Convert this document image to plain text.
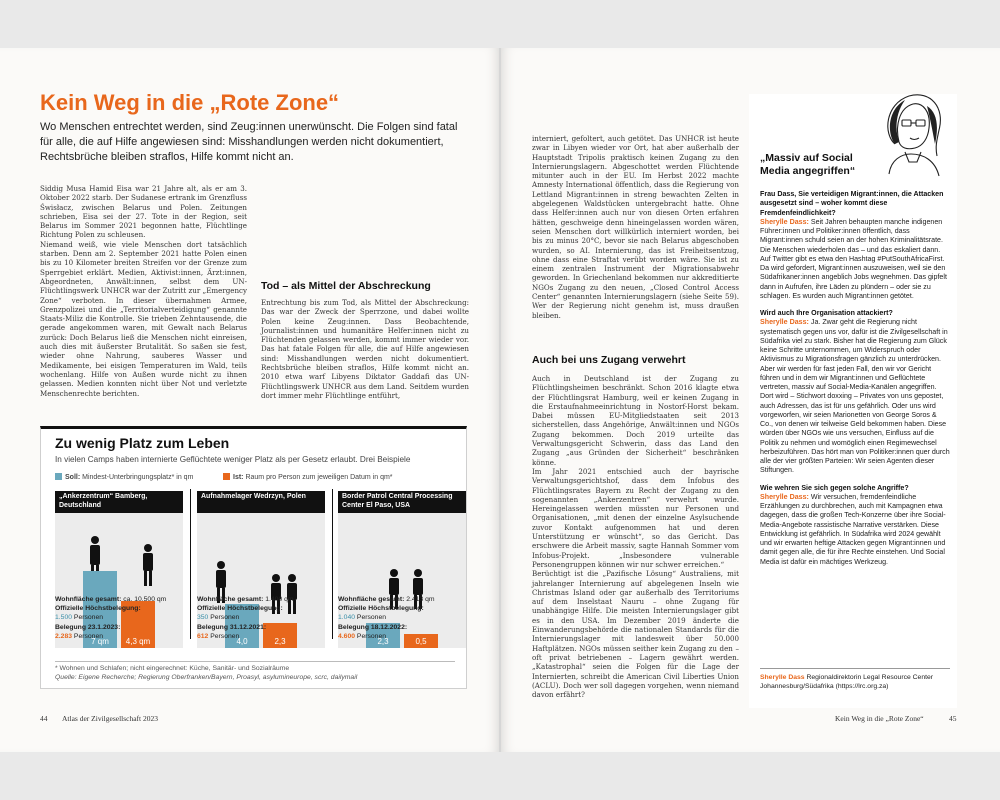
Kein Weg in die „Rote Zone“
Wo Menschen entrechtet werden, sind Zeug:innen unerwünscht. Die Folgen sind fatal für alle, die auf Hilfe angewiesen sind: Misshandlungen werden nicht dokumentiert, Rechtsbrüche bleiben straflos, Hilfe kommt nicht an.

Siddig Musa Hamid Eisa war 21 Jahre alt, als er am 3. Oktober 2022 starb. Der Sudanese ertrank im Grenzfluss Świsłacz, zwischen Belarus und Polen. Zeitungen schrieben, Eisa sei der 27. Tote in der Region, seit Belarus im Sommer 2021 begonnen hatte, Flüchtlinge Richtung Polen zu schleusen.

Niemand weiß, wie viele Menschen dort tatsächlich starben. Denn am 2. September 2021 hatte Polen einen bis zu 10 Kilometer breiten Streifen vor der Grenze zum Sperrgebiet erklärt. Medien, Aktivist:innen, Ärzt:innen, Abgeordneten, Anwält:innen, selbst dem UN-Flüchtlingswerk UNHCR war der Zutritt zur „Emergency Zone“ verboten. In dieser übernahmen Armee, Grenzpolizei und die „Territorialverteidigung“ genannte Staats-Miliz die Kontrolle. Sie trieben Zehntausende, die gerade angekommen waren, mit Gewalt nach Belarus zurück: Doch Belarus ließ die Menschen nicht einreisen, auch dies mit äußerster Brutalität. So saßen sie fest, wieder ohne Nahrung, sauberes Wasser und Medikamente, bei eisigen Temperaturen im Wald, teils wochenlang. Hilfe von Außen wurde nicht zu ihnen gelassen. Medien konnten nicht über Not und verletzte Menschenrechte berichten.

Tod – als Mittel der Abschreckung
Entrechtung bis zum Tod, als Mittel der Abschreckung: Das war der Zweck der Sperrzone, und dabei wollte Polen keine Zeug:innen. Dass Beobachtende, Journalist:innen und humanitäre Helfer:innen nicht zu Flüchtenden gelassen werden, kommt immer wieder vor. Das hat fatale Folgen für alle, die auf Hilfe angewiesen sind: Misshandlungen werden nicht dokumentiert. Rechtsbrüche bleiben straflos, Hilfe kommt nicht an. 2010 etwa warf Libyens Diktator Gaddafi das UN-Flüchtlingswerk UNHCR aus dem Land. Seitdem wurden dort immer mehr Flüchtlinge entführt,
Zu wenig Platz zum Leben
In vielen Camps haben internierte Geflüchtete weniger Platz als per Gesetz erlaubt. Drei Beispiele
Soll: Mindest-Unterbringungsplatz* in qm	Ist: Raum pro Person zum jeweiligen Datum in qm*
„Ankerzentrum“ Bamberg, Deutschland
7 qm	4,3 qm
Wohnfläche gesamt: ca. 10.500 qm
Offizielle Höchstbelegung:
1.500 Personen
Belegung 23.1.2023:
2.283 Personen
Aufnahmelager Wedrzyn, Polen
4,0	2,3
Wohnfläche gesamt: 1.400 qm
Offizielle Höchstbelegung:
350 Personen
Belegung 31.12.2021:
612 Personen
Border Patrol Central Processing Center El Paso, USA
2,3	0,5
Wohnfläche gesamt: 2.413 qm
Offizielle Höchstbelegung:
1.040 Personen
Belegung 18.12.2022:
4.600 Personen
* Wohnen und Schlafen; nicht eingerechnet: Küche, Sanitär- und Sozialräume
Quelle: Eigene Recherche; Regierung Oberfranken/Bayern, Proasyl, asylumineurope, scrc, dailymail
44 Atlas der Zivilgesellschaft 2023
interniert, gefoltert, auch getötet. Das UNHCR ist heute zwar in Libyen wieder vor Ort, hat aber außerhalb der Hauptstadt Tripolis praktisch keinen Zugang zu den Internierungslagern. Abgeschottet werden Flüchtende mitunter auch in der EU. Im Herbst 2022 machte Amnesty International öffentlich, dass die Regierung von Lettland Migrant:innen in streng bewachten Zelten in abgelegenen Waldstücken untergebracht hatte. Ohne dass Helfer:innen auch nur von diesen Orten erfahren hätten, geschweige denn hineingelassen worden wären, seien Menschen dort willkürlich interniert worden, bei bis zu minus 20°C, bevor sie nach Belarus abgeschoben wurden, so AI. Internierung, das ist Freiheitsentzug, ohne dass eine Straftat verübt worden wäre. Sie ist zu einem zentralen Instrument der Migrationsabwehr geworden. In Griechenland bekommen nur akkreditierte NGOs Zugang zu den neuen, „Closed Control Access Center“ genannten Internierungslagern (siehe Seite 59). Wer der Regierung nicht genehm ist, muss draußen bleiben.
Auch bei uns Zugang verwehrt

Auch in Deutschland ist der Zugang zu Flüchtlingsheimen beschränkt. Schon 2016 klagte etwa der Flüchtlingsrat Hamburg, weil er keinen Zugang in die Erstaufnahmeeinrichtung in Nostorf-Horst bekam. Dabei müssen EU-Mitgliedstaaten seit 2013 sicherstellen, dass Angehörige, Anwält:innen und NGOs Zugang bekommen. Doch 2019 urteilte das Verwaltungsgericht Schwerin, dass das Land den Zugang „aus Gründen der Sicherheit“ beschränken könne.

Im Jahr 2021 entschied auch der bayrische Verwaltungsgerichtshof, dass dem Infobus des Flüchtlingsrates Bayern zu Recht der Zugang zu den sogenannten „Ankerzentren“ verwehrt wurde. Hereingelassen werden müssten nur Personen und Organisationen, „mit denen der einzelne Asylsuchende zuvor Kontakt aufgenommen hat und deren Unterstützung er wünscht“, so das Gericht. Das erschwere die Arbeit massiv, sagte Hannah Sommer vom Infobus-Projekt. „Insbesondere vulnerable Personengruppen können wir nur schwer erreichen.“

Berüchtigt ist die „Pazifische Lösung“ Australiens, mit jahrelanger Internierung auf abgelegenen Inseln wie Christmas Island oder gar außerhalb des Territoriums auf dem Inselstaat Nauru – ohne Zugang für unabhängige Hilfe. Die meisten Internierungslager gibt es in den USA. Im Dezember 2019 änderte die Einwanderungsbehörde die nationalen Standards für die Internierungslager mit landesweit über 50.000 Haftplätzen. NGOs müssen seither kein Zugang zu den – oft privat betriebenen – Lagern gewährt werden. „Katastrophal“ seien die Folgen für die Lage der Internierten, schreibt die American Civil Liberties Union (ACLU). Doch wer soll dagegen vorgehen, wenn niemand davon erfährt?

„Massiv auf Social Media angegriffen“

Frau Dass, Sie verteidigen Migrant:innen, die Attacken ausgesetzt sind – woher kommt diese Fremdenfeindlichkeit?
Sheryllе Dass: Seit Jahren behaupten manche indigenen Führer:innen und Politiker:innen öffentlich, dass Migrant:innen schuld seien an der hohen Kriminalitätsrate. Die Menschen wiederholen das – und das eskaliert dann. Auf Twitter gibt es etwa den Hashtag #PutSouthAfricaFirst. Da wird gefordert, Migrant:innen auszuweisen, weil sie den Südafrikaner:innen angeblich Jobs wegnehmen. Das gipfelt dann in Aufrufen, ihre Läden zu plündern – oder sie zu schlagen. Es wurden auch Migrant:innen getötet.

Wird auch Ihre Organisation attackiert?
Sheryllе Dass: Ja. Zwar geht die Regierung nicht systematisch gegen uns vor, dafür ist die Zivilgesellschaft in Südafrika viel zu stark. Bisher hat die Regierung zum Glück keine Schritte unternommen, um Widerspruch oder Aktivismus zu Migrationsfragen gänzlich zu unterdrücken. Aber wir werden für fast jeden Fall, den wir vor Gericht führen und in dem wir Migrant:innen und Geflüchtete vertreten, massiv auf Social-Media-Kanälen angegriffen. Dort wird – Stichwort doxxing – Privates von uns gepostet, auch Adressen, das ist für uns gefährlich. Oder uns wird vorgeworfen, wir seien Marionetten von George Soros & Co., von denen wir teilweise Geld bekommen haben. Diese würden über NGOs wie uns versuchen, Einfluss auf die Politik zu nehmen und womöglich einen Regimewechsel herbeizuführen. Das hört man von Politiker:innen quer durch alle der vier größten Parteien: Wir seien Agenten dieser Stiftungen.

Wie wehren Sie sich gegen solche Angriffe?
Sheryllе Dass: Wir versuchen, fremdenfeindliche Erzählungen zu durchbrechen, auch mit Kampagnen etwa dagegen, dass die großen Tech-Konzerne über ihre Social-Media-Angebote rassistische Narrative verstärken. Diese Entwicklung ist gefährlich. In Südafrika wird 2024 gewählt und wir erwarten heftige Attacken gegen Migrant:innen und damit gegen alle, die für ihre Rechte einstehen. Und Social Media ist dafür ein mächtiges Werkzeug.

Sheryllе Dass Regionaldirektorin Legal Resource Center Johannesburg/Südafrika (https://lrc.org.za)
Kein Weg in die „Rote Zone“	45
